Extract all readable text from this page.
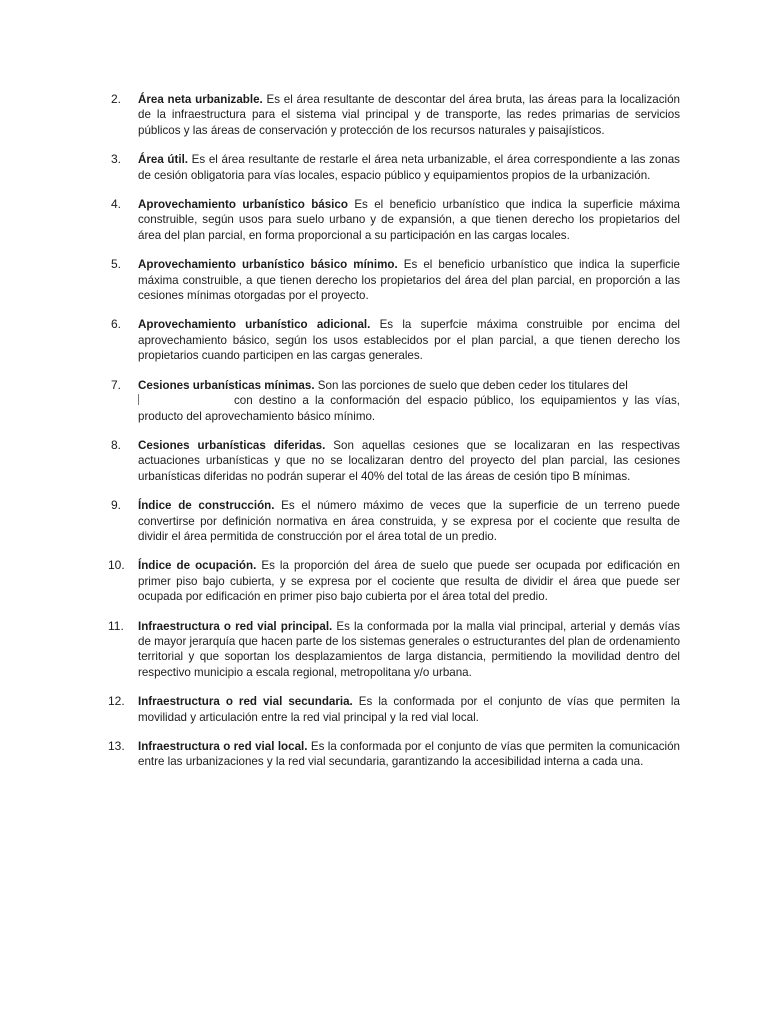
2.	Área neta urbanizable. Es el área resultante de descontar del área bruta, las áreas para la localización de la infraestructura para el sistema vial principal y de transporte, las redes primarias de servicios públicos y las áreas de conservación y protección de los recursos naturales y paisajísticos.
3.	Área útil. Es el área resultante de restarle el área neta urbanizable, el área correspondiente a las zonas de cesión obligatoria para vías locales, espacio público y equipamientos propios de la urbanización.
4.	Aprovechamiento urbanístico básico Es el beneficio urbanístico que indica la superficie máxima construible, según usos para suelo urbano y de expansión, a que tienen derecho los propietarios del área del plan parcial, en forma proporcional a su participación en las cargas locales.
5.	Aprovechamiento urbanístico básico mínimo. Es el beneficio urbanístico que indica la superficie máxima construible, a que tienen derecho los propietarios del área del plan parcial, en proporción a las cesiones mínimas otorgadas por el proyecto.
6.	Aprovechamiento urbanístico adicional. Es la superfcie máxima construible por encima del aprovechamiento básico, según los usos establecidos por el plan parcial, a que tienen derecho los propietarios cuando participen en las cargas generales.
7.	Cesiones urbanísticas mínimas. Son las porciones de suelo que deben ceder los titulares del
con destino a la conformación del espacio público, los equipamientos y las vías, producto del aprovechamiento básico mínimo.
8.	Cesiones urbanísticas diferidas. Son aquellas cesiones que se localizaran en las respectivas actuaciones urbanísticas y que no se localizaran dentro del proyecto del plan parcial, las cesiones urbanísticas diferidas no podrán superar el 40% del total de las áreas de cesión tipo B mínimas.
9.	Índice de construcción. Es el número máximo de veces que la superficie de un terreno puede convertirse por definición normativa en área construida, y se expresa por el cociente que resulta de dividir el área permitida de construcción por el área total de un predio.
10.	Índice de ocupación. Es la proporción del área de suelo que puede ser ocupada por edificación en primer piso bajo cubierta, y se expresa por el cociente que resulta de dividir el área que puede ser ocupada por edificación en primer piso bajo cubierta por el área total del predio.
11.	Infraestructura o red vial principal. Es la conformada por la malla vial principal, arterial y demás vías de mayor jerarquía que hacen parte de los sistemas generales o estructurantes del plan de ordenamiento territorial y que soportan los desplazamientos de larga distancia, permitiendo la movilidad dentro del respectivo municipio a escala regional, metropolitana y/o urbana.
12.	Infraestructura o red vial secundaria. Es la conformada por el conjunto de vías que permiten la movilidad y articulación entre la red vial principal y la red vial local.
13.	Infraestructura o red vial local. Es la conformada por el conjunto de vías que permiten la comunicación entre las urbanizaciones y la red vial secundaria, garantizando la accesibilidad interna a cada una.
